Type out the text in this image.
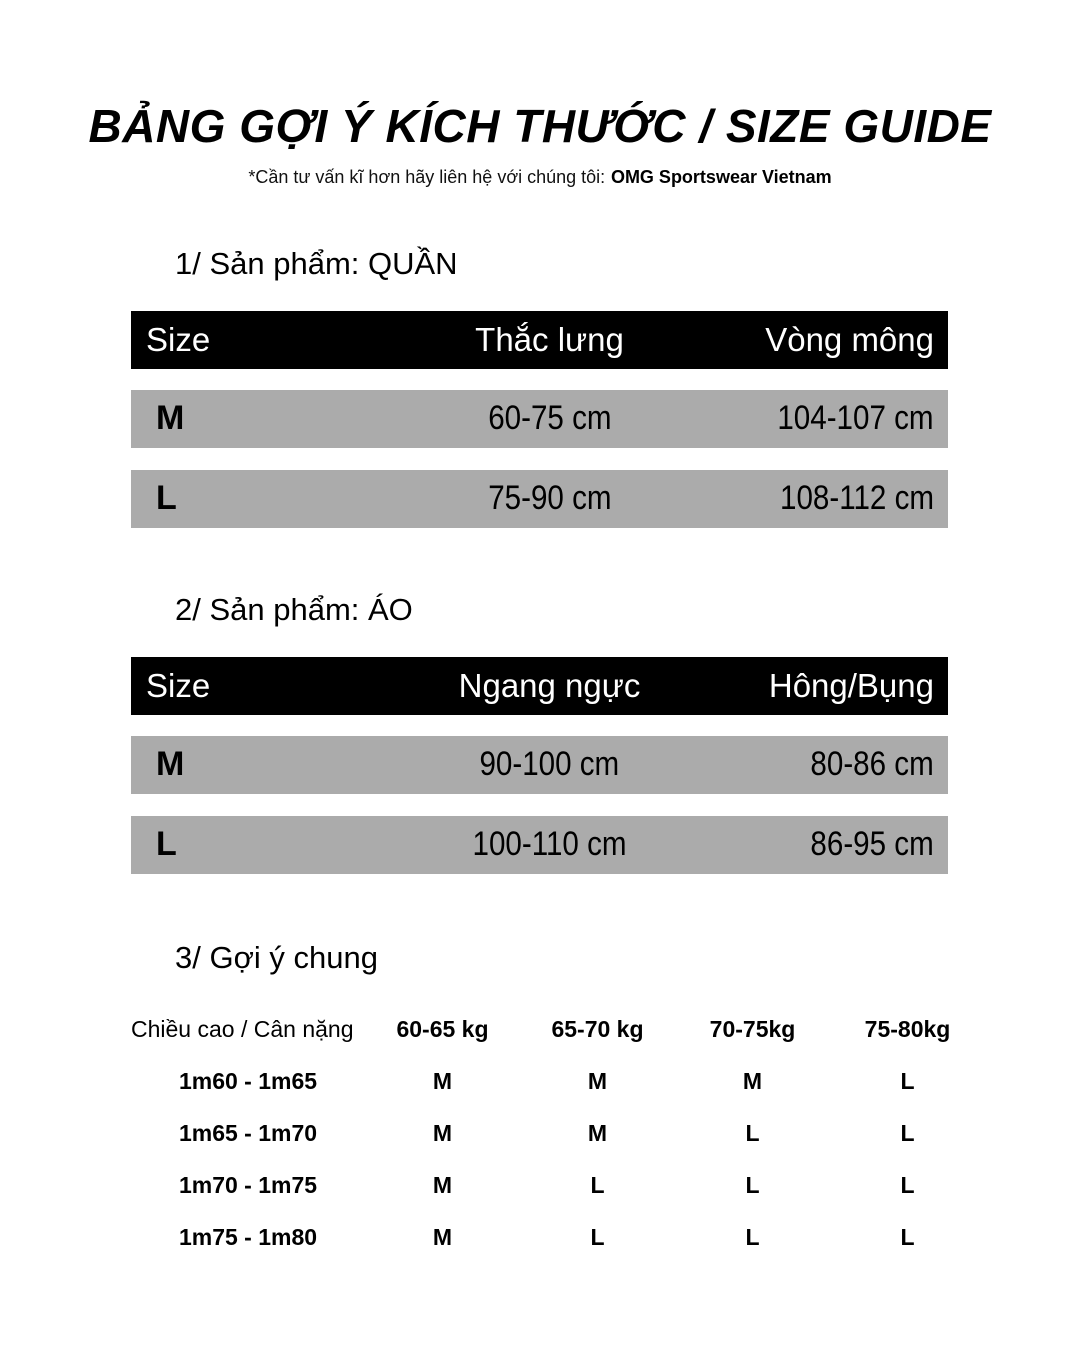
BẢNG GỢI Ý KÍCH THƯỚC / SIZE GUIDE
*Cần tư vấn kĩ hơn hãy liên hệ với chúng tôi: OMG Sportswear Vietnam
1/ Sản phẩm: QUẦN
Size	Thắc lưng	Vòng mông
M	60-75 cm	104-107 cm
L	75-90 cm	108-112 cm
2/ Sản phẩm: ÁO
Size	Ngang ngực	Hông/Bụng
M	90-100 cm	80-86 cm
L	100-110 cm	86-95 cm
3/ Gợi ý chung
Chiều cao / Cân nặng	60-65 kg	65-70 kg	70-75kg	75-80kg
1m60 - 1m65	M	M	M	L
1m65 - 1m70	M	M	L	L
1m70 - 1m75	M	L	L	L
1m75 - 1m80	M	L	L	L
